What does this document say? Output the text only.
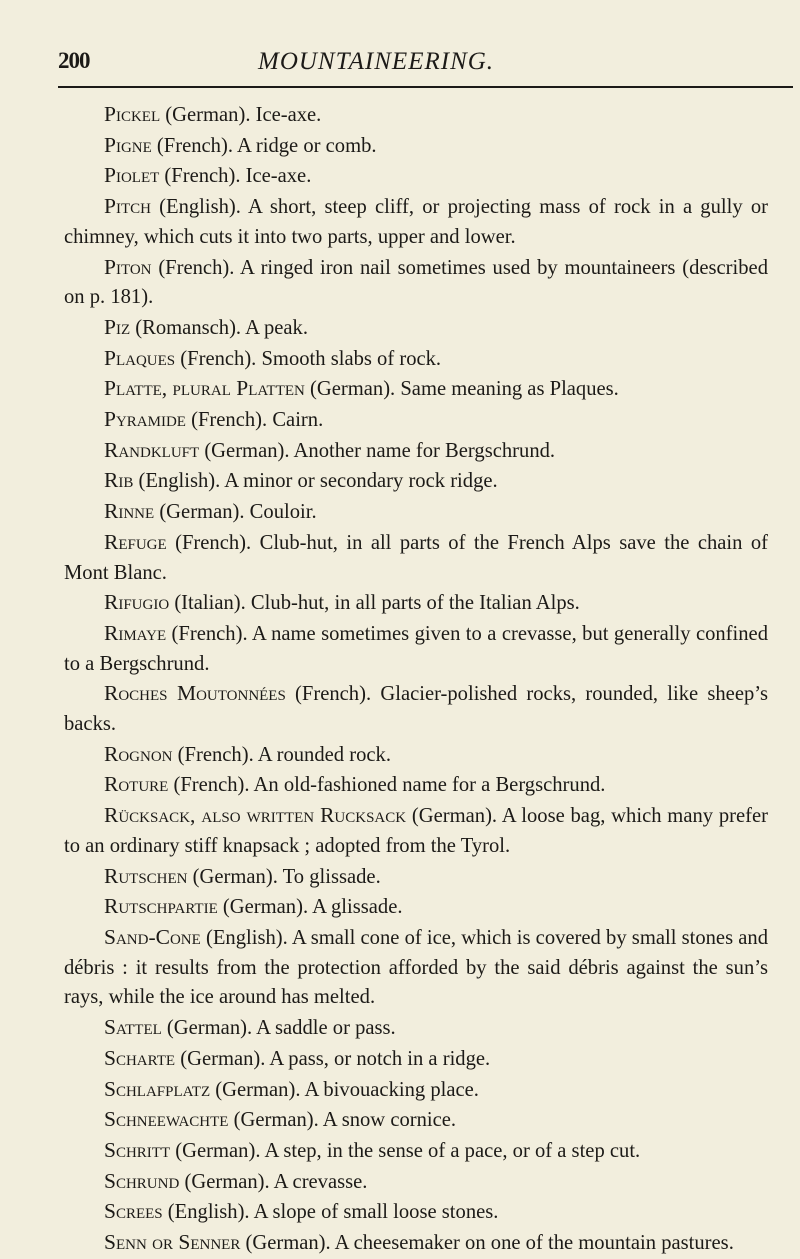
200	MOUNTAINEERING.

Pickel (German). Ice-axe.

Pigne (French). A ridge or comb.

Piolet (French). Ice-axe.

Pitch (English). A short, steep cliff, or projecting mass of rock in a gully or chimney, which cuts it into two parts, upper and lower.

Piton (French). A ringed iron nail sometimes used by mountaineers (described on p. 181).

Piz (Romansch). A peak.

Plaques (French). Smooth slabs of rock.

Platte, plural Platten (German). Same meaning as Plaques.

Pyramide (French). Cairn.

Randkluft (German). Another name for Bergschrund.

Rib (English). A minor or secondary rock ridge.

Rinne (German). Couloir.

Refuge (French). Club-hut, in all parts of the French Alps save the chain of Mont Blanc.

Rifugio (Italian). Club-hut, in all parts of the Italian Alps.

Rimaye (French). A name sometimes given to a crevasse, but generally confined to a Bergschrund.

Roches Moutonnées (French). Glacier-polished rocks, rounded, like sheep’s backs.

Rognon (French). A rounded rock.

Roture (French). An old-fashioned name for a Bergschrund.

Rücksack, also written Rucksack (German). A loose bag, which many prefer to an ordinary stiff knapsack ; adopted from the Tyrol.

Rutschen (German). To glissade.

Rutschpartie (German). A glissade.

Sand-Cone (English). A small cone of ice, which is covered by small stones and débris : it results from the protection afforded by the said débris against the sun’s rays, while the ice around has melted.

Sattel (German). A saddle or pass.

Scharte (German). A pass, or notch in a ridge.

Schlafplatz (German). A bivouacking place.

Schneewachte (German). A snow cornice.

Schritt (German). A step, in the sense of a pace, or of a step cut.

Schrund (German). A crevasse.

Screes (English). A slope of small loose stones.

Senn or Senner (German). A cheesemaker on one of the mountain pastures.
